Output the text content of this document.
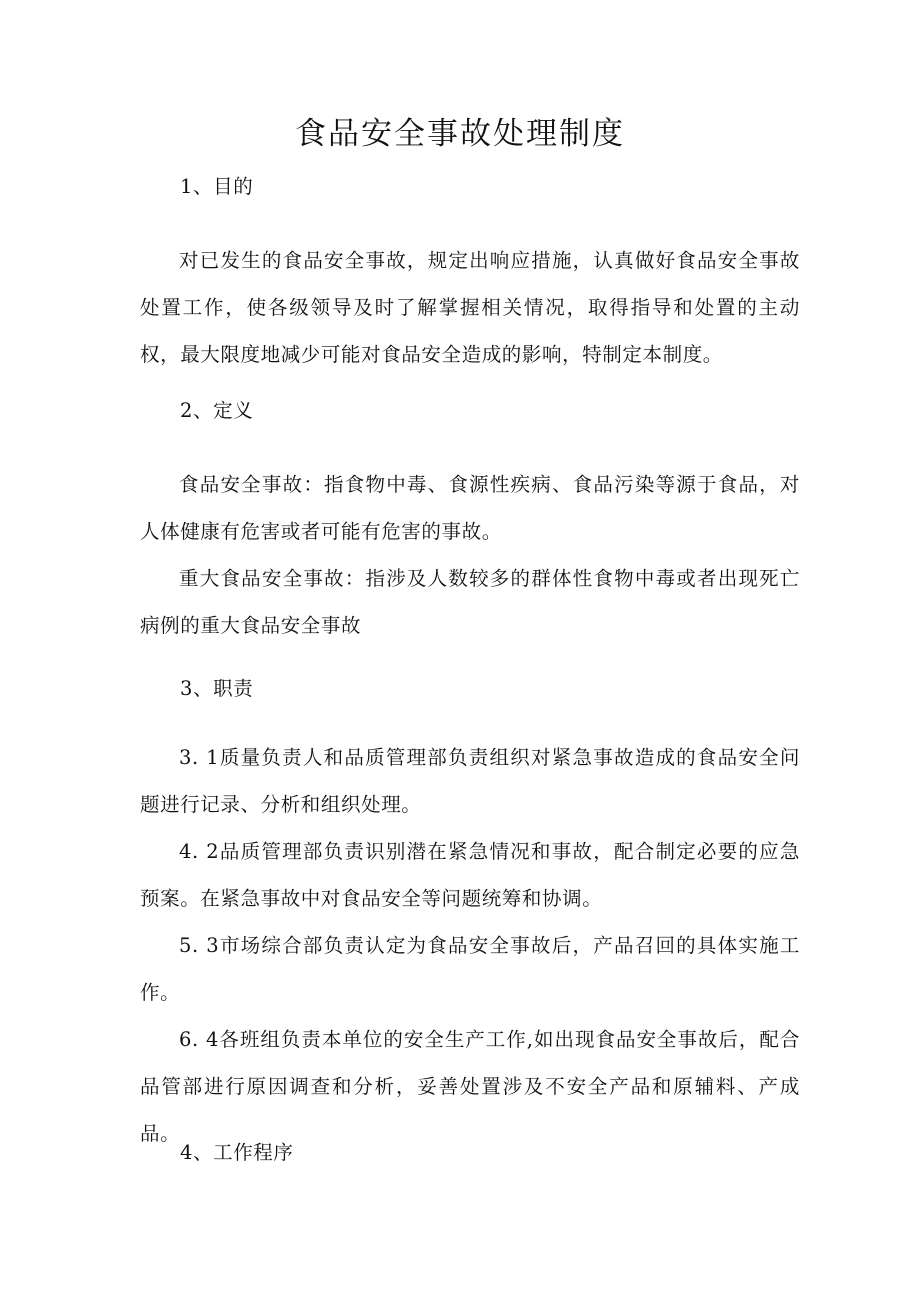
食品安全事故处理制度
1、目的

对已发生的食品安全事故，规定出响应措施，认真做好食品安全事故处置工作，使各级领导及时了解掌握相关情况，取得指导和处置的主动权，最大限度地减少可能对食品安全造成的影响，特制定本制度。

2、定义

食品安全事故：指食物中毒、食源性疾病、食品污染等源于食品，对人体健康有危害或者可能有危害的事故。

重大食品安全事故：指涉及人数较多的群体性食物中毒或者出现死亡病例的重大食品安全事故

3、职责

3. 1质量负责人和品质管理部负责组织对紧急事故造成的食品安全问题进行记录、分析和组织处理。

4. 2品质管理部负责识别潜在紧急情况和事故，配合制定必要的应急预案。在紧急事故中对食品安全等问题统筹和协调。

5. 3市场综合部负责认定为食品安全事故后，产品召回的具体实施工作。

6. 4各班组负责本单位的安全生产工作,如出现食品安全事故后，配合品管部进行原因调查和分析，妥善处置涉及不安全产品和原辅料、产成品。

4、工作程序
